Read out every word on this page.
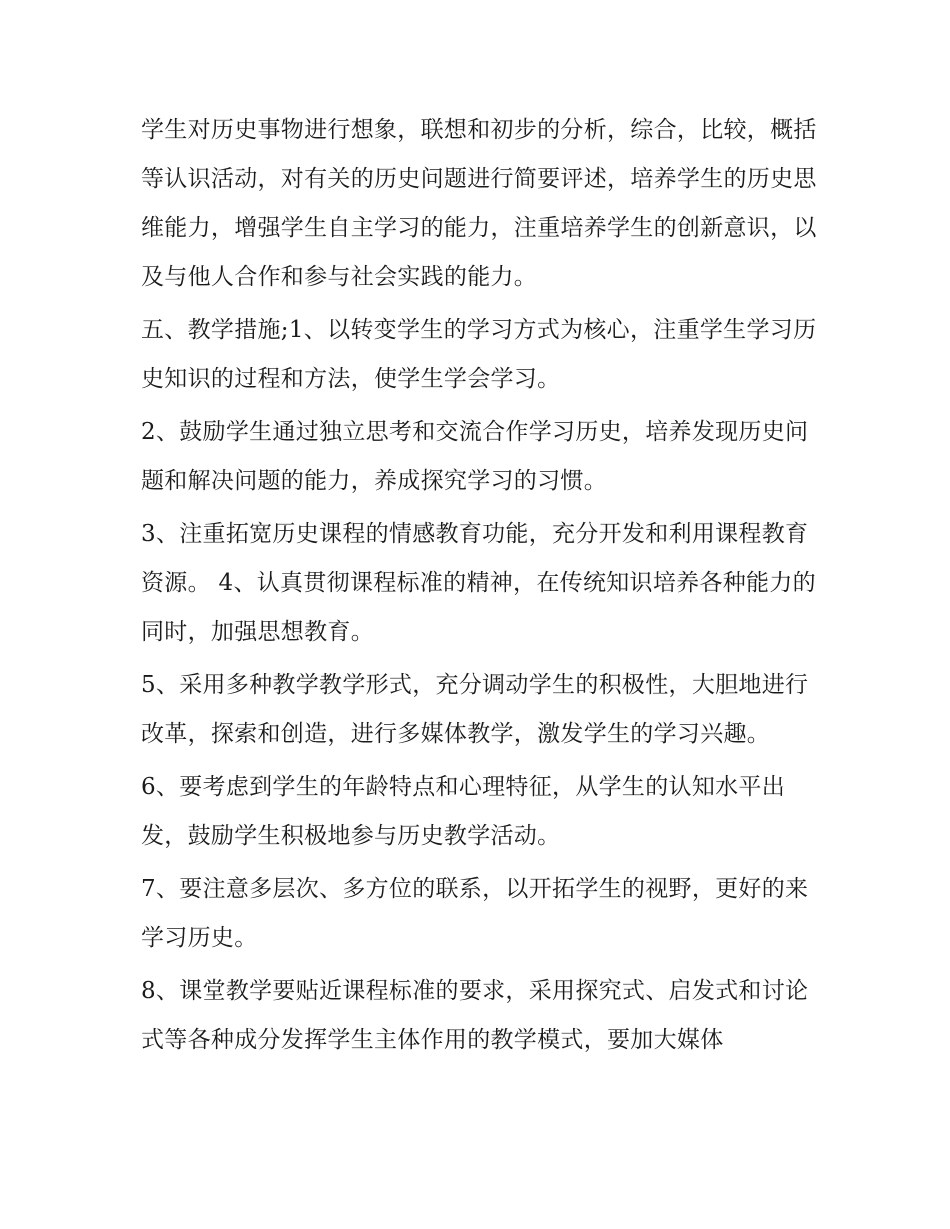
学生对历史事物进行想象，联想和初步的分析，综合，比较，概括等认识活动，对有关的历史问题进行简要评述，培养学生的历史思维能力，增强学生自主学习的能力，注重培养学生的创新意识，以及与他人合作和参与社会实践的能力。

五、教学措施;1、以转变学生的学习方式为核心，注重学生学习历史知识的过程和方法，使学生学会学习。

2、鼓励学生通过独立思考和交流合作学习历史，培养发现历史问题和解决问题的能力，养成探究学习的习惯。

3、注重拓宽历史课程的情感教育功能，充分开发和利用课程教育资源。 4、认真贯彻课程标准的精神，在传统知识培养各种能力的同时，加强思想教育。

5、采用多种教学教学形式，充分调动学生的积极性，大胆地进行改革，探索和创造，进行多媒体教学，激发学生的学习兴趣。

6、要考虑到学生的年龄特点和心理特征，从学生的认知水平出发，鼓励学生积极地参与历史教学活动。

7、要注意多层次、多方位的联系，以开拓学生的视野，更好的来学习历史。

8、课堂教学要贴近课程标准的要求，采用探究式、启发式和讨论式等各种成分发挥学生主体作用的教学模式，要加大媒体
